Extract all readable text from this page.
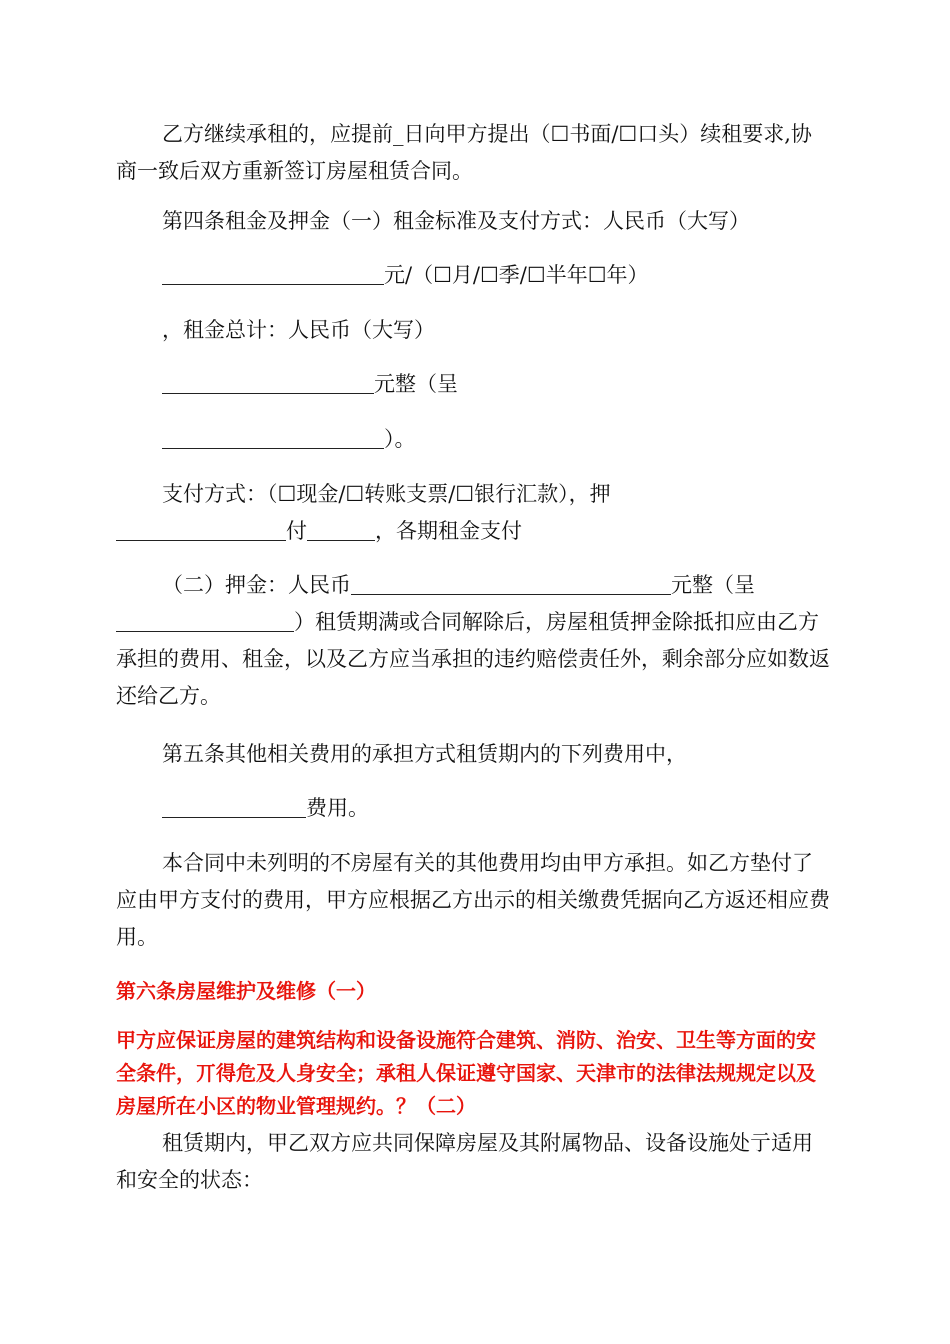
乙方继续承租的，应提前_日向甲方提出（☐书面/☐口头）续租要求,协商一致后双方重新签订房屋租赁合同。

第四条租金及押金（一）租金标准及支付方式：人民币（大写）

元/（☐月/☐季/☐半年☐年）

，租金总计：人民币（大写）

元整（呈

）。

支付方式：（☐现金/☐转账支票/☐银行汇款），押

付	，各期租金支付

（二）押金：人民币	元整（呈
）租赁期满或合同解除后，房屋租赁押金除抵扣应由乙方承担的费用、租金，以及乙方应当承担的违约赔偿责任外，剩余部分应如数返还给乙方。

第五条其他相关费用的承担方式租赁期内的下列费用中，

费用。

本合同中未列明的不房屋有关的其他费用均由甲方承担。如乙方垫付了应由甲方支付的费用，甲方应根据乙方出示的相关缴费凭据向乙方返还相应费用。

第六条房屋维护及维修（一）

甲方应保证房屋的建筑结构和设备设施符合建筑、消防、治安、卫生等方面的安全条件，丌得危及人身安全；承租人保证遵守国家、天津市的法律法规规定以及房屋所在小区的物业管理规约。？（二）

租赁期内，甲乙双方应共同保障房屋及其附属物品、设备设施处亍适用和安全的状态：
